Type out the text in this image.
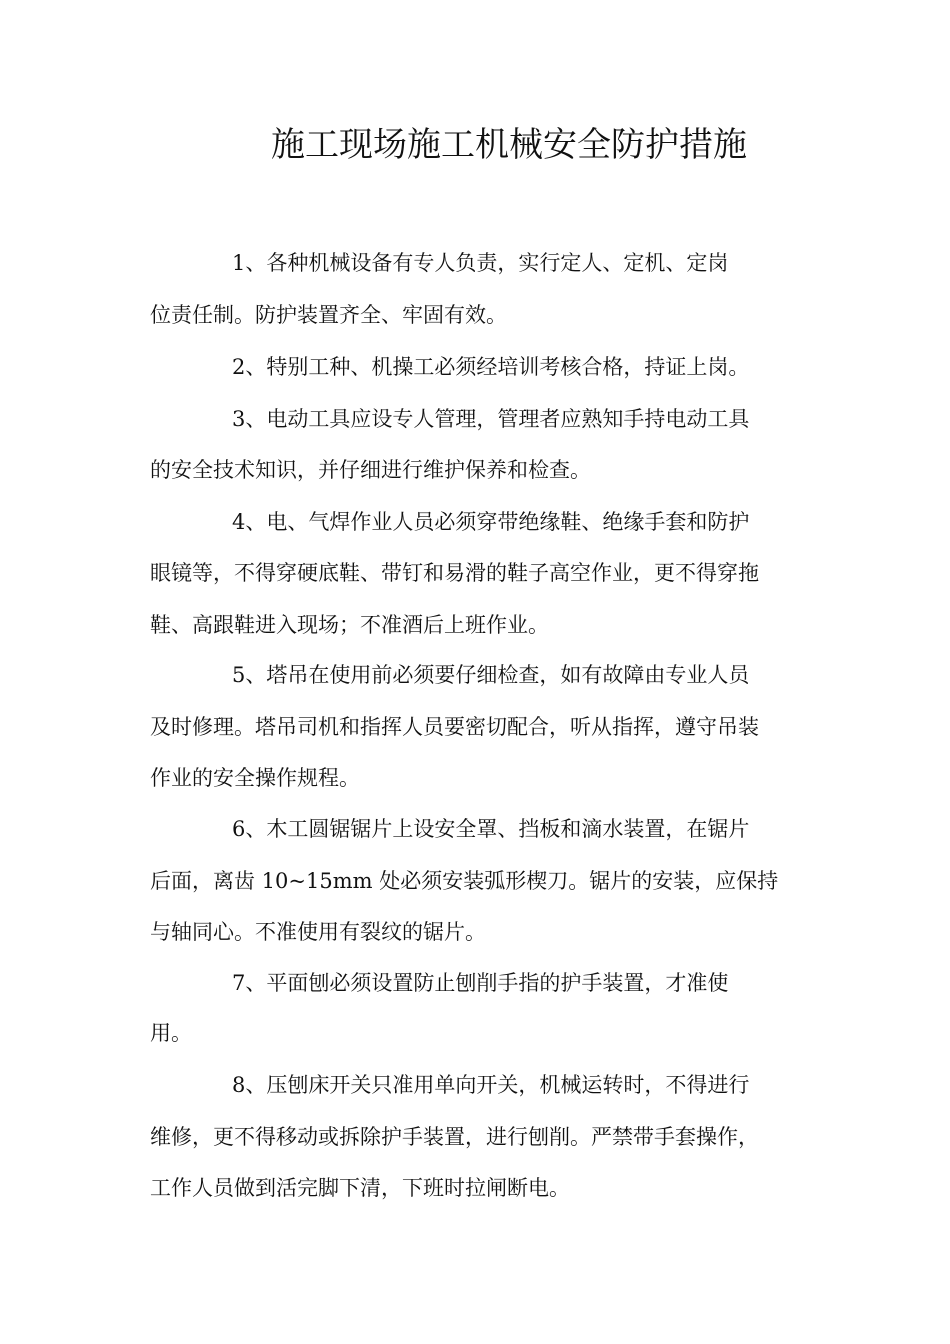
施工现场施工机械安全防护措施
1、各种机械设备有专人负责，实行定人、定机、定岗
位责任制。防护装置齐全、牢固有效。
2、特别工种、机操工必须经培训考核合格，持证上岗。
3、电动工具应设专人管理，管理者应熟知手持电动工具
的安全技术知识，并仔细进行维护保养和检查。
4、电、气焊作业人员必须穿带绝缘鞋、绝缘手套和防护
眼镜等，不得穿硬底鞋、带钉和易滑的鞋子高空作业，更不得穿拖
鞋、高跟鞋进入现场；不准酒后上班作业。
5、塔吊在使用前必须要仔细检查，如有故障由专业人员
及时修理。塔吊司机和指挥人员要密切配合，听从指挥，遵守吊装
作业的安全操作规程。
6、木工圆锯锯片上设安全罩、挡板和滴水装置，在锯片
后面，离齿 10~15mm 处必须安装弧形楔刀。锯片的安装，应保持
与轴同心。不准使用有裂纹的锯片。
7、平面刨必须设置防止刨削手指的护手装置，才准使
用。
8、压刨床开关只准用单向开关，机械运转时，不得进行
维修，更不得移动或拆除护手装置，进行刨削。严禁带手套操作，
工作人员做到活完脚下清，下班时拉闸断电。
